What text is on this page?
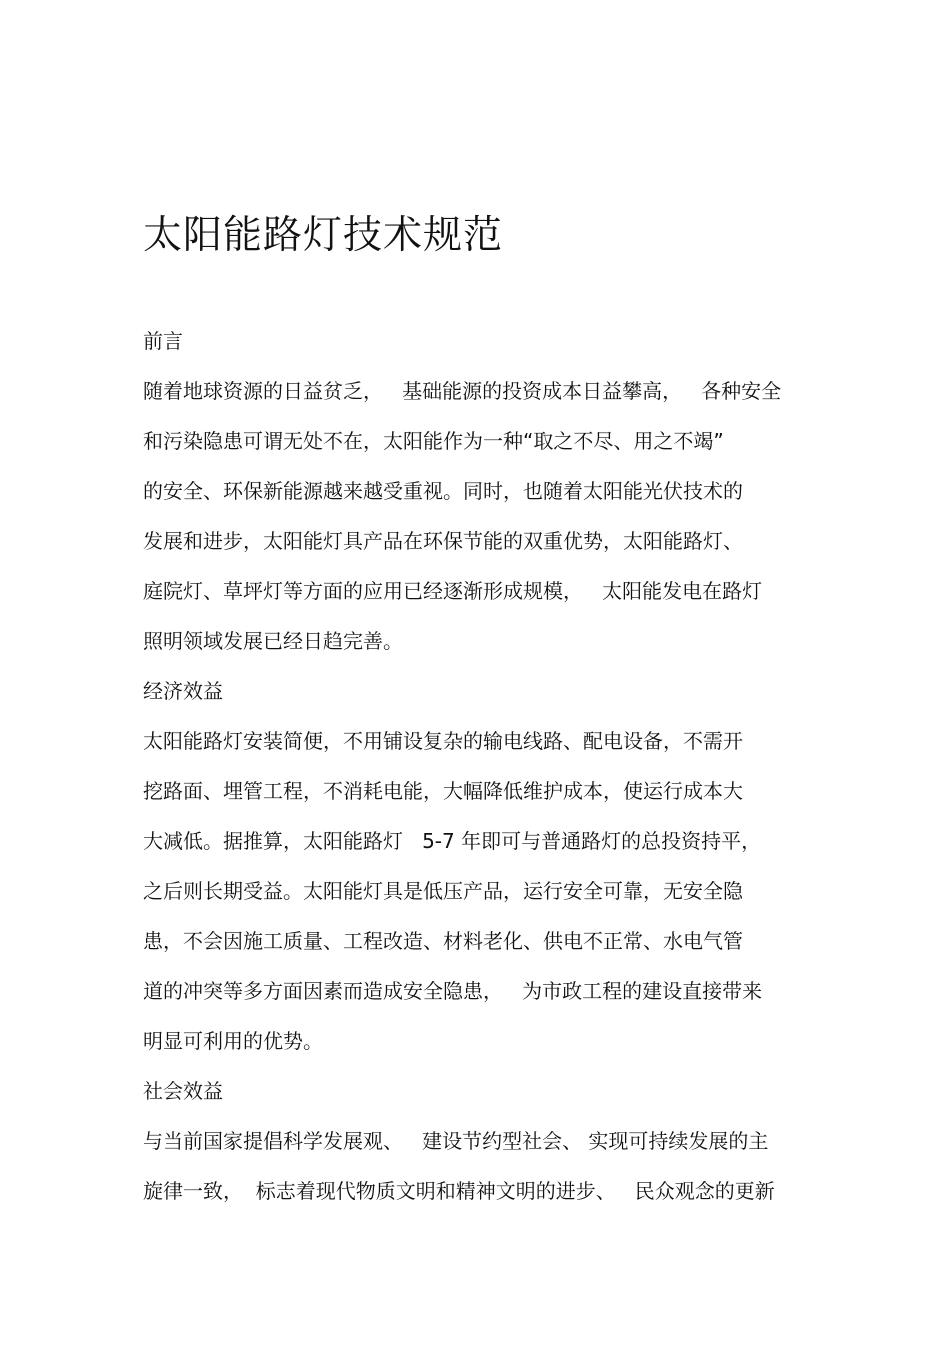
太阳能路灯技术规范

前言

随着地球资源的日益贫乏，   基础能源的投资成本日益攀高，   各种安全

和污染隐患可谓无处不在，太阳能作为一种“取之不尽、用之不竭”

的安全、环保新能源越来越受重视。同时，也随着太阳能光伏技术的

发展和进步，太阳能灯具产品在环保节能的双重优势，太阳能路灯、

庭院灯、草坪灯等方面的应用已经逐渐形成规模，   太阳能发电在路灯

照明领域发展已经日趋完善。

经济效益

太阳能路灯安装简便，不用铺设复杂的输电线路、配电设备，不需开

挖路面、埋管工程，不消耗电能，大幅降低维护成本，使运行成本大

大减低。据推算，太阳能路灯   5-7 年即可与普通路灯的总投资持平，

之后则长期受益。太阳能灯具是低压产品，运行安全可靠，无安全隐

患，不会因施工质量、工程改造、材料老化、供电不正常、水电气管

道的冲突等多方面因素而造成安全隐患，   为市政工程的建设直接带来

明显可利用的优势。

社会效益

与当前国家提倡科学发展观、   建设节约型社会、 实现可持续发展的主

旋律一致，  标志着现代物质文明和精神文明的进步、   民众观念的更新
